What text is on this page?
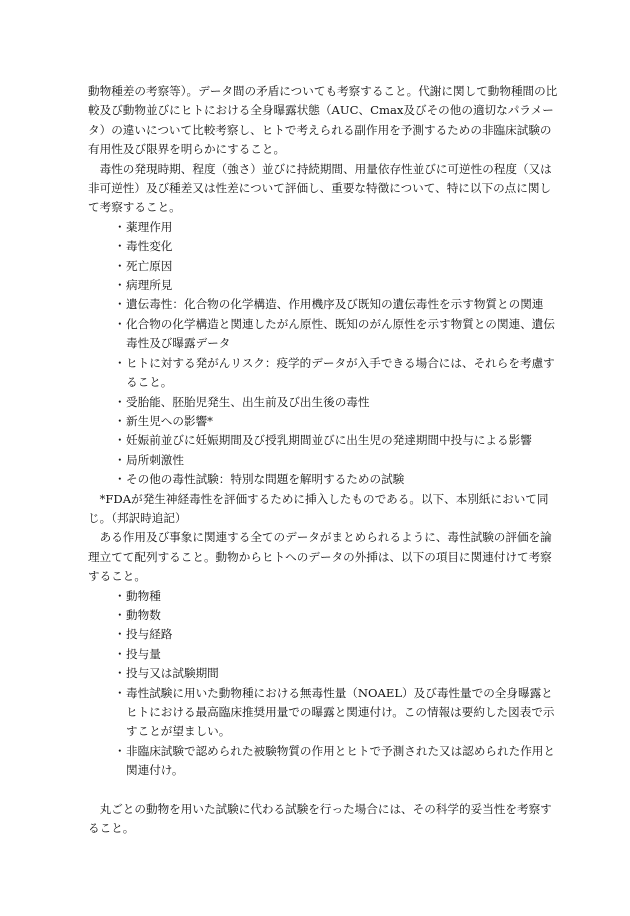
動物種差の考察等）。データ間の矛盾についても考察すること。代謝に関して動物種間の比較及び動物並びにヒトにおける全身曝露状態（AUC、Cmax及びその他の適切なパラメータ）の違いについて比較考察し、ヒトで考えられる副作用を予測するための非臨床試験の有用性及び限界を明らかにすること。

毒性の発現時期、程度（強さ）並びに持続期間、用量依存性並びに可逆性の程度（又は非可逆性）及び種差又は性差について評価し、重要な特徴について、特に以下の点に関して考察すること。

・ 薬理作用
・ 毒性変化
・ 死亡原因
・ 病理所見
・ 遺伝毒性：化合物の化学構造、作用機序及び既知の遺伝毒性を示す物質との関連
・ 化合物の化学構造と関連したがん原性、既知のがん原性を示す物質との関連、遺伝毒性及び曝露データ
・ ヒトに対する発がんリスク：疫学的データが入手できる場合には、それらを考慮すること。
・ 受胎能、胚胎児発生、出生前及び出生後の毒性
・ 新生児への影響*
・ 妊娠前並びに妊娠期間及び授乳期間並びに出生児の発達期間中投与による影響
・ 局所刺激性
・ その他の毒性試験：特別な問題を解明するための試験

*FDAが発生神経毒性を評価するために挿入したものである。以下、本別紙において同じ。（邦訳時追記）

ある作用及び事象に関連する全てのデータがまとめられるように、毒性試験の評価を論理立てて配列すること。動物からヒトへのデータの外挿は、以下の項目に関連付けて考察すること。

・ 動物種
・ 動物数
・ 投与経路
・ 投与量
・ 投与又は試験期間
・ 毒性試験に用いた動物種における無毒性量（NOAEL）及び毒性量での全身曝露とヒトにおける最高臨床推奨用量での曝露と関連付け。この情報は要約した図表で示すことが望ましい。
・ 非臨床試験で認められた被験物質の作用とヒトで予測された又は認められた作用と関連付け。

丸ごとの動物を用いた試験に代わる試験を行った場合には、その科学的妥当性を考察すること。
